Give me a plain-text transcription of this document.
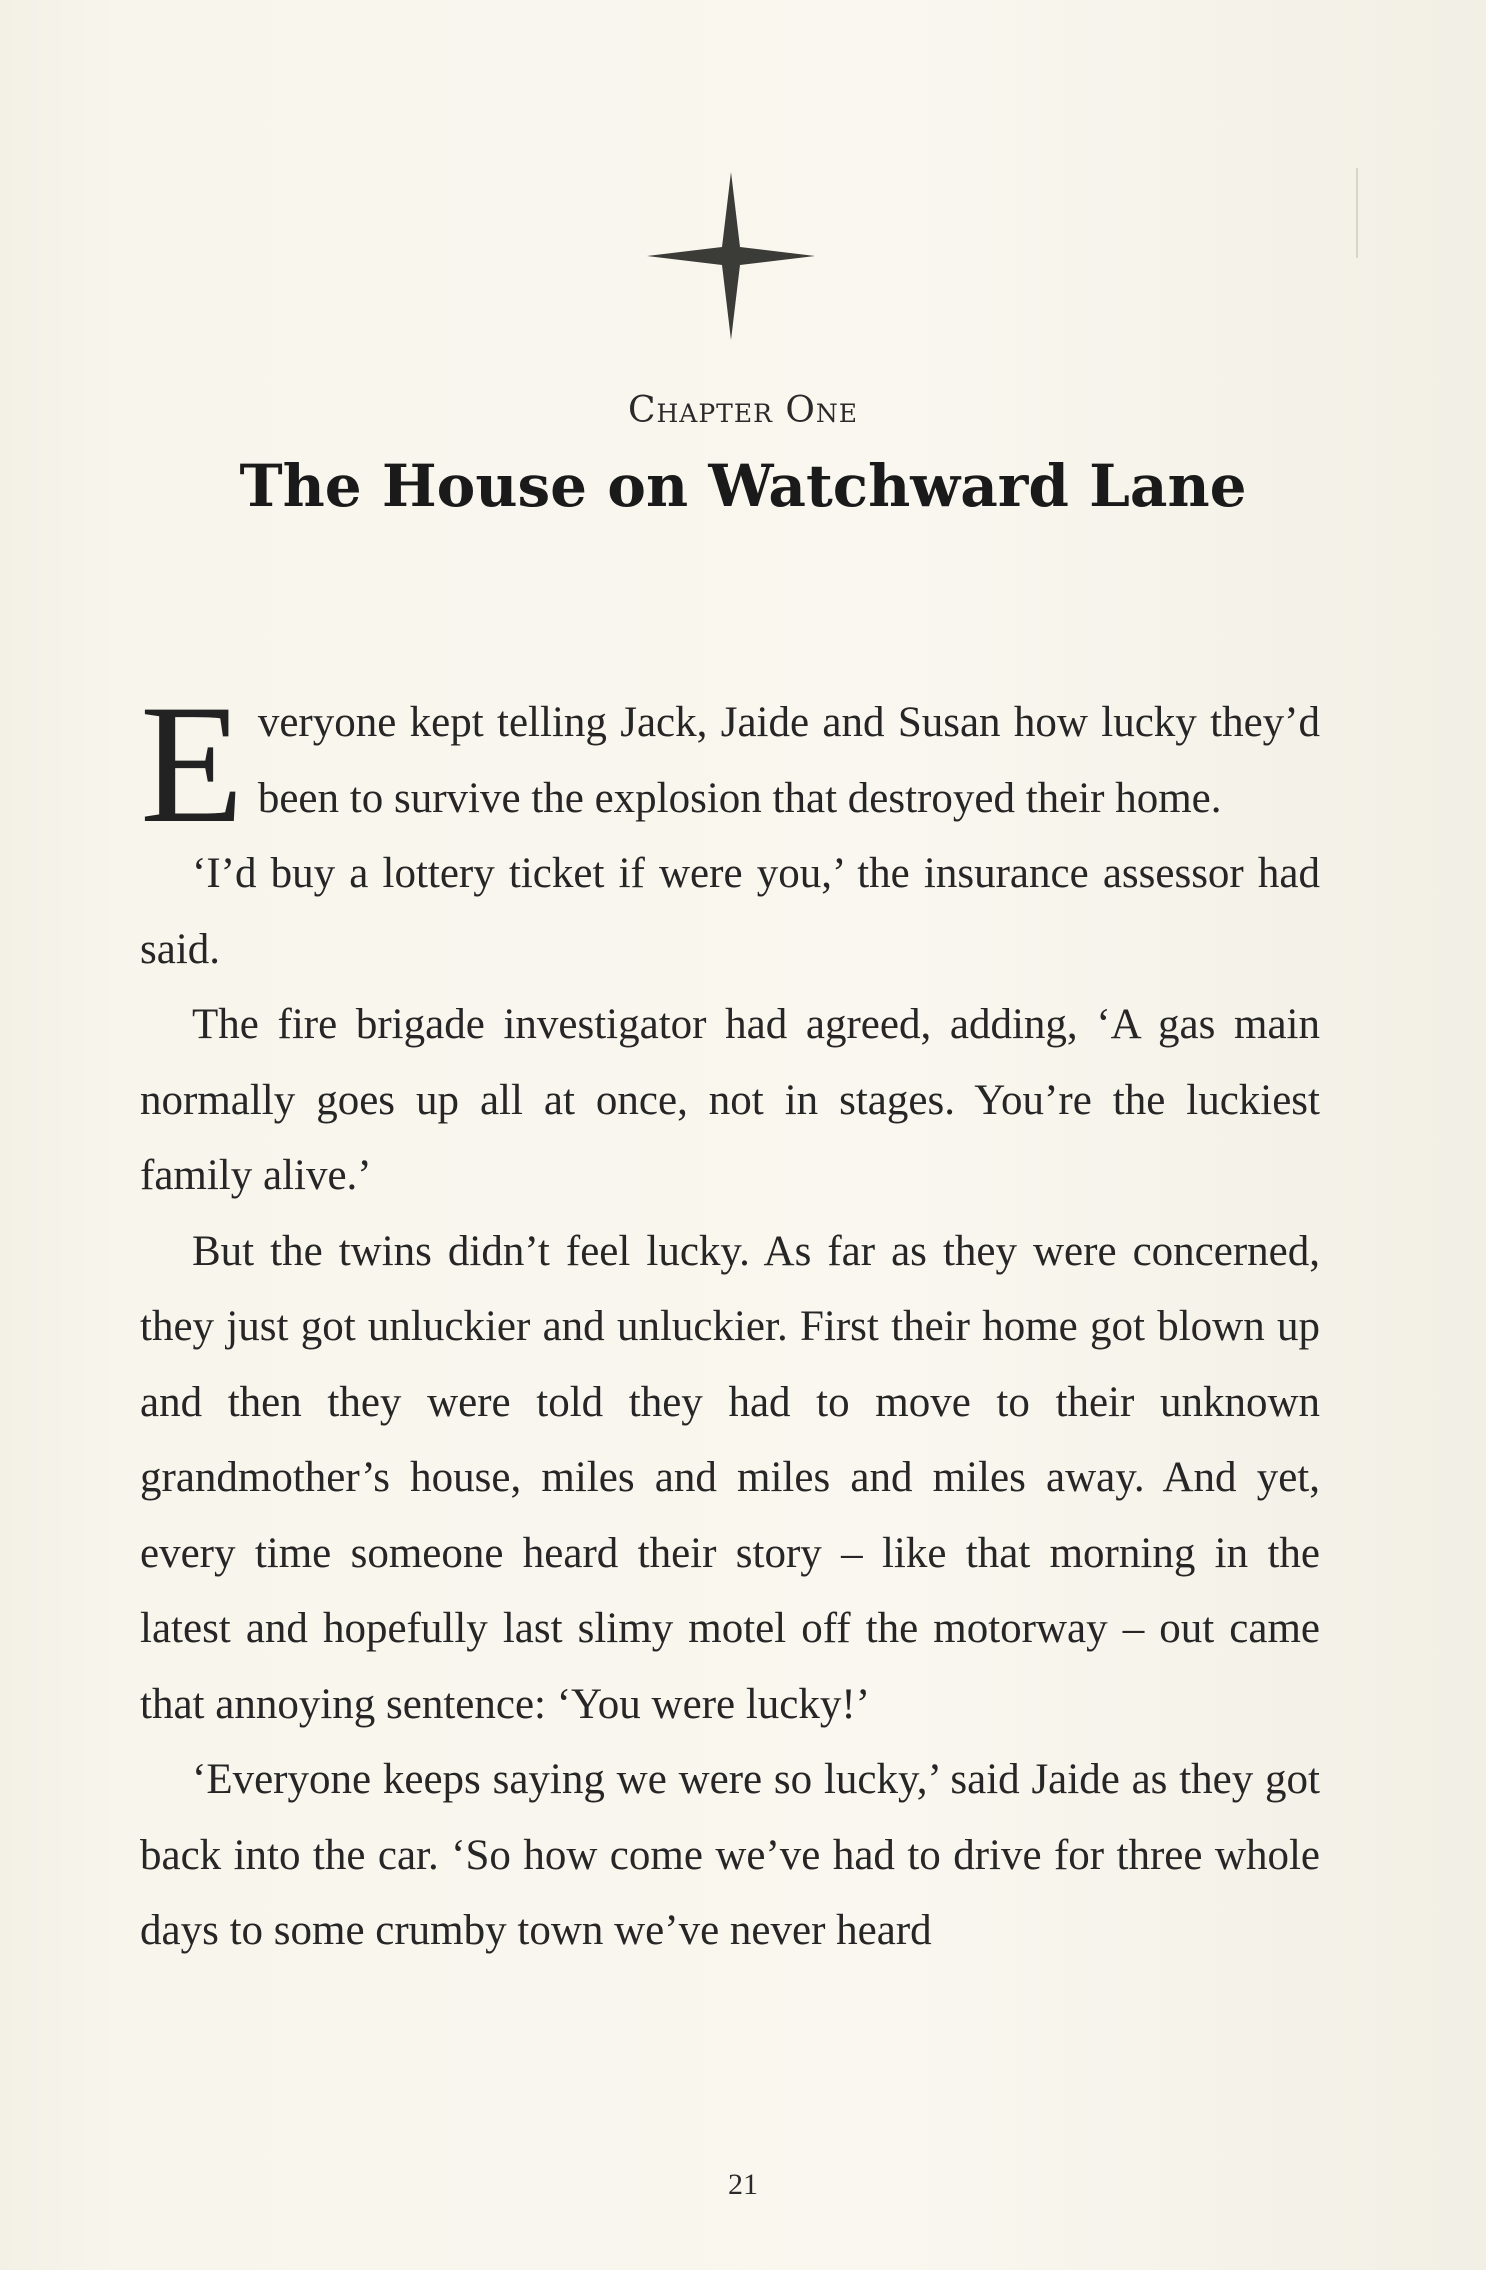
Chapter One
The House on Watchward Lane

Everyone kept telling Jack, Jaide and Susan how lucky they’d been to survive the explosion that destroyed their home.

‘I’d buy a lottery ticket if were you,’ the insurance assessor had said.

The fire brigade investigator had agreed, adding, ‘A gas main normally goes up all at once, not in stages. You’re the luckiest family alive.’

But the twins didn’t feel lucky. As far as they were concerned, they just got unluckier and unluckier. First their home got blown up and then they were told they had to move to their unknown grandmother’s house, miles and miles and miles away. And yet, every time someone heard their story – like that morning in the latest and hopefully last slimy motel off the motorway – out came that annoying sentence: ‘You were lucky!’

‘Everyone keeps saying we were so lucky,’ said Jaide as they got back into the car. ‘So how come we’ve had to drive for three whole days to some crumby town we’ve never heard

21
